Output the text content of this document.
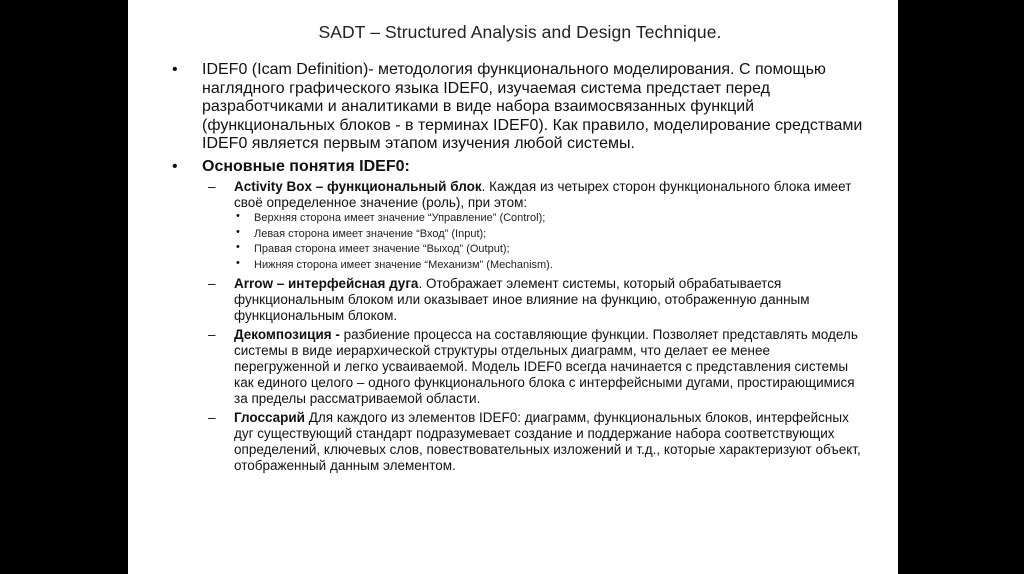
SADT – Structured Analysis and Design Technique.
• IDEF0 (Icam Definition)- методология функционального моделирования. С помощью наглядного графического языка IDEF0, изучаемая система предстает перед разработчиками и аналитиками в виде набора взаимосвязанных функций (функциональных блоков - в терминах IDEF0). Как правило, моделирование средствами IDEF0 является первым этапом изучения любой системы.
• Основные понятия IDEF0:
– Activity Box – функциональный блок. Каждая из четырех сторон функционального блока имеет своё определенное значение (роль), при этом:
• Верхняя сторона имеет значение “Управление” (Control);
• Левая сторона имеет значение “Вход” (Input);
• Правая сторона имеет значение “Выход” (Output);
• Нижняя сторона имеет значение “Механизм” (Mechanism).
– Arrow – интерфейсная дуга. Отображает элемент системы, который обрабатывается функциональным блоком или оказывает иное влияние на функцию, отображенную данным функциональным блоком.
– Декомпозиция - разбиение процесса на составляющие функции. Позволяет представлять модель системы в виде иерархической структуры отдельных диаграмм, что делает ее менее перегруженной и легко усваиваемой. Модель IDEF0 всегда начинается с представления системы как единого целого – одного функционального блока с интерфейсными дугами, простирающимися за пределы рассматриваемой области.
– Глоссарий Для каждого из элементов IDEF0: диаграмм, функциональных блоков, интерфейсных дуг существующий стандарт подразумевает создание и поддержание набора соответствующих определений, ключевых слов, повествовательных изложений и т.д., которые характеризуют объект, отображенный данным элементом.
